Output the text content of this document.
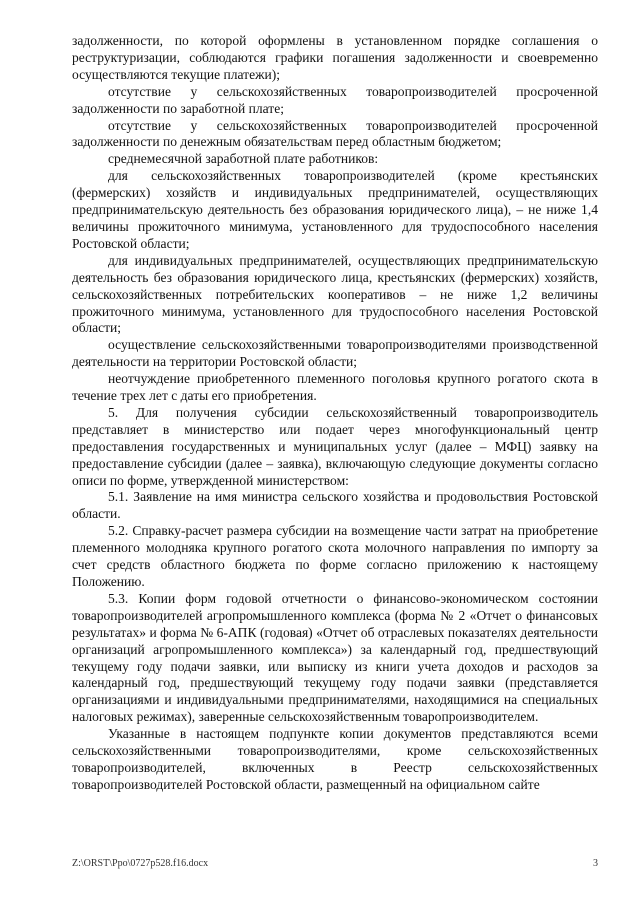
задолженности, по которой оформлены в установленном порядке соглашения о реструктуризации, соблюдаются графики погашения задолженности и своевременно осуществляются текущие платежи);

отсутствие у сельскохозяйственных товаропроизводителей просроченной задолженности по заработной плате;

отсутствие у сельскохозяйственных товаропроизводителей просроченной задолженности по денежным обязательствам перед областным бюджетом;

среднемесячной заработной плате работников:

для сельскохозяйственных товаропроизводителей (кроме крестьянских (фермерских) хозяйств и индивидуальных предпринимателей, осуществляющих предпринимательскую деятельность без образования юридического лица), – не ниже 1,4 величины прожиточного минимума, установленного для трудоспособного населения Ростовской области;

для индивидуальных предпринимателей, осуществляющих предпринимательскую деятельность без образования юридического лица, крестьянских (фермерских) хозяйств, сельскохозяйственных потребительских кооперативов – не ниже 1,2 величины прожиточного минимума, установленного для трудоспособного населения Ростовской области;

осуществление сельскохозяйственными товаропроизводителями производственной деятельности на территории Ростовской области;

неотчуждение приобретенного племенного поголовья крупного рогатого скота в течение трех лет с даты его приобретения.

5. Для получения субсидии сельскохозяйственный товаропроизводитель представляет в министерство или подает через многофункциональный центр предоставления государственных и муниципальных услуг (далее – МФЦ) заявку на предоставление субсидии (далее – заявка), включающую следующие документы согласно описи по форме, утвержденной министерством:

5.1. Заявление на имя министра сельского хозяйства и продовольствия Ростовской области.

5.2. Справку-расчет размера субсидии на возмещение части затрат на приобретение племенного молодняка крупного рогатого скота молочного направления по импорту за счет средств областного бюджета по форме согласно приложению к настоящему Положению.

5.3. Копии форм годовой отчетности о финансово-экономическом состоянии товаропроизводителей агропромышленного комплекса (форма № 2 «Отчет о финансовых результатах» и форма № 6-АПК (годовая) «Отчет об отраслевых показателях деятельности организаций агропромышленного комплекса») за календарный год, предшествующий текущему году подачи заявки, или выписку из книги учета доходов и расходов за календарный год, предшествующий текущему году подачи заявки (представляется организациями и индивидуальными предпринимателями, находящимися на специальных налоговых режимах), заверенные сельскохозяйственным товаропроизводителем.

Указанные в настоящем подпункте копии документов представляются всеми сельскохозяйственными товаропроизводителями, кроме сельскохозяйственных товаропроизводителей, включенных в Реестр сельскохозяйственных товаропроизводителей Ростовской области, размещенный на официальном сайте

Z:\ORST\Ppo\0727p528.f16.docx	3
